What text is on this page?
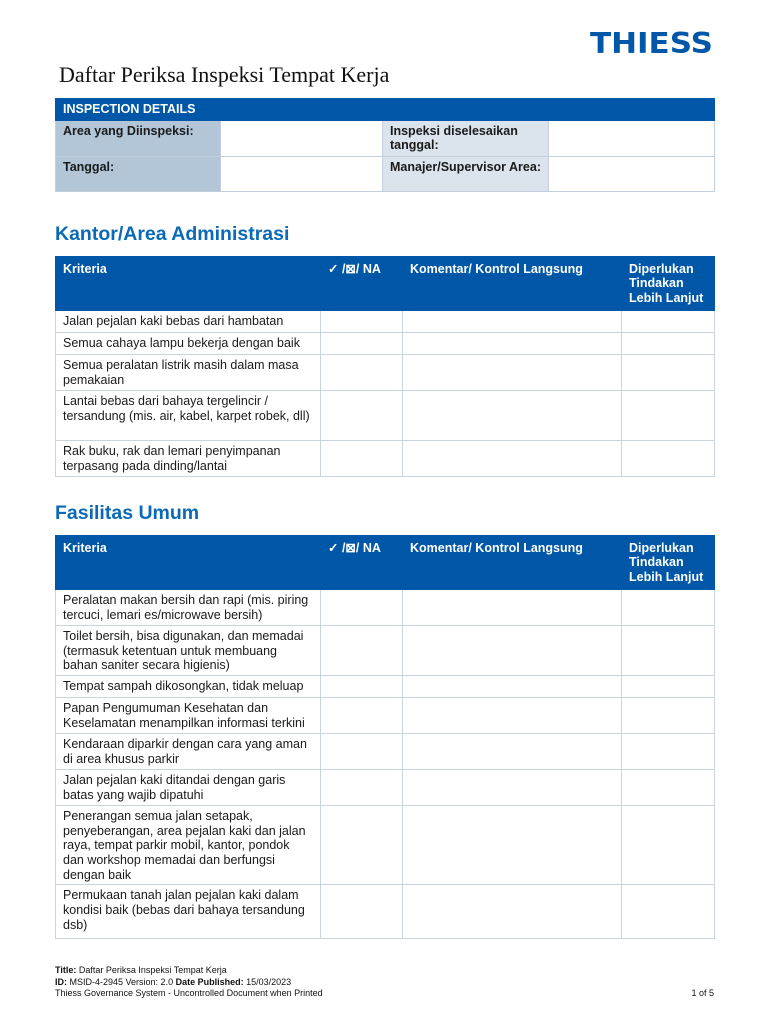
THIESS
Daftar Periksa Inspeksi Tempat Kerja
INSPECTION DETAILS			
Area yang Diinspeksi:		Inspeksi diselesaikan tanggal:	
Tanggal:		Manajer/Supervisor Area:	
Kantor/Area Administrasi
Kriteria	✓ /⊠/ NA	Komentar/ Kontrol Langsung	Diperlukan Tindakan Lebih Lanjut
Jalan pejalan kaki bebas dari hambatan			
Semua cahaya lampu bekerja dengan baik			
Semua peralatan listrik masih dalam masa pemakaian			
Lantai bebas dari bahaya tergelincir / tersandung (mis. air, kabel, karpet robek, dll)			
Rak buku, rak dan lemari penyimpanan terpasang pada dinding/lantai			
Fasilitas Umum
Kriteria	✓ /⊠/ NA	Komentar/ Kontrol Langsung	Diperlukan Tindakan Lebih Lanjut
Peralatan makan bersih dan rapi (mis. piring tercuci, lemari es/microwave bersih)			
Toilet bersih, bisa digunakan, dan memadai (termasuk ketentuan untuk membuang bahan saniter secara higienis)			
Tempat sampah dikosongkan, tidak meluap			
Papan Pengumuman Kesehatan dan Keselamatan menampilkan informasi terkini			
Kendaraan diparkir dengan cara yang aman di area khusus parkir			
Jalan pejalan kaki ditandai dengan garis batas yang wajib dipatuhi			
Penerangan semua jalan setapak, penyeberangan, area pejalan kaki dan jalan raya, tempat parkir mobil, kantor, pondok dan workshop memadai dan berfungsi dengan baik			
Permukaan tanah jalan pejalan kaki dalam kondisi baik (bebas dari bahaya tersandung dsb)			
Title: Daftar Periksa Inspeksi Tempat Kerja
ID: MSID-4-2945 Version: 2.0 Date Published: 15/03/2023
Thiess Governance System - Uncontrolled Document when Printed	1 of 5
